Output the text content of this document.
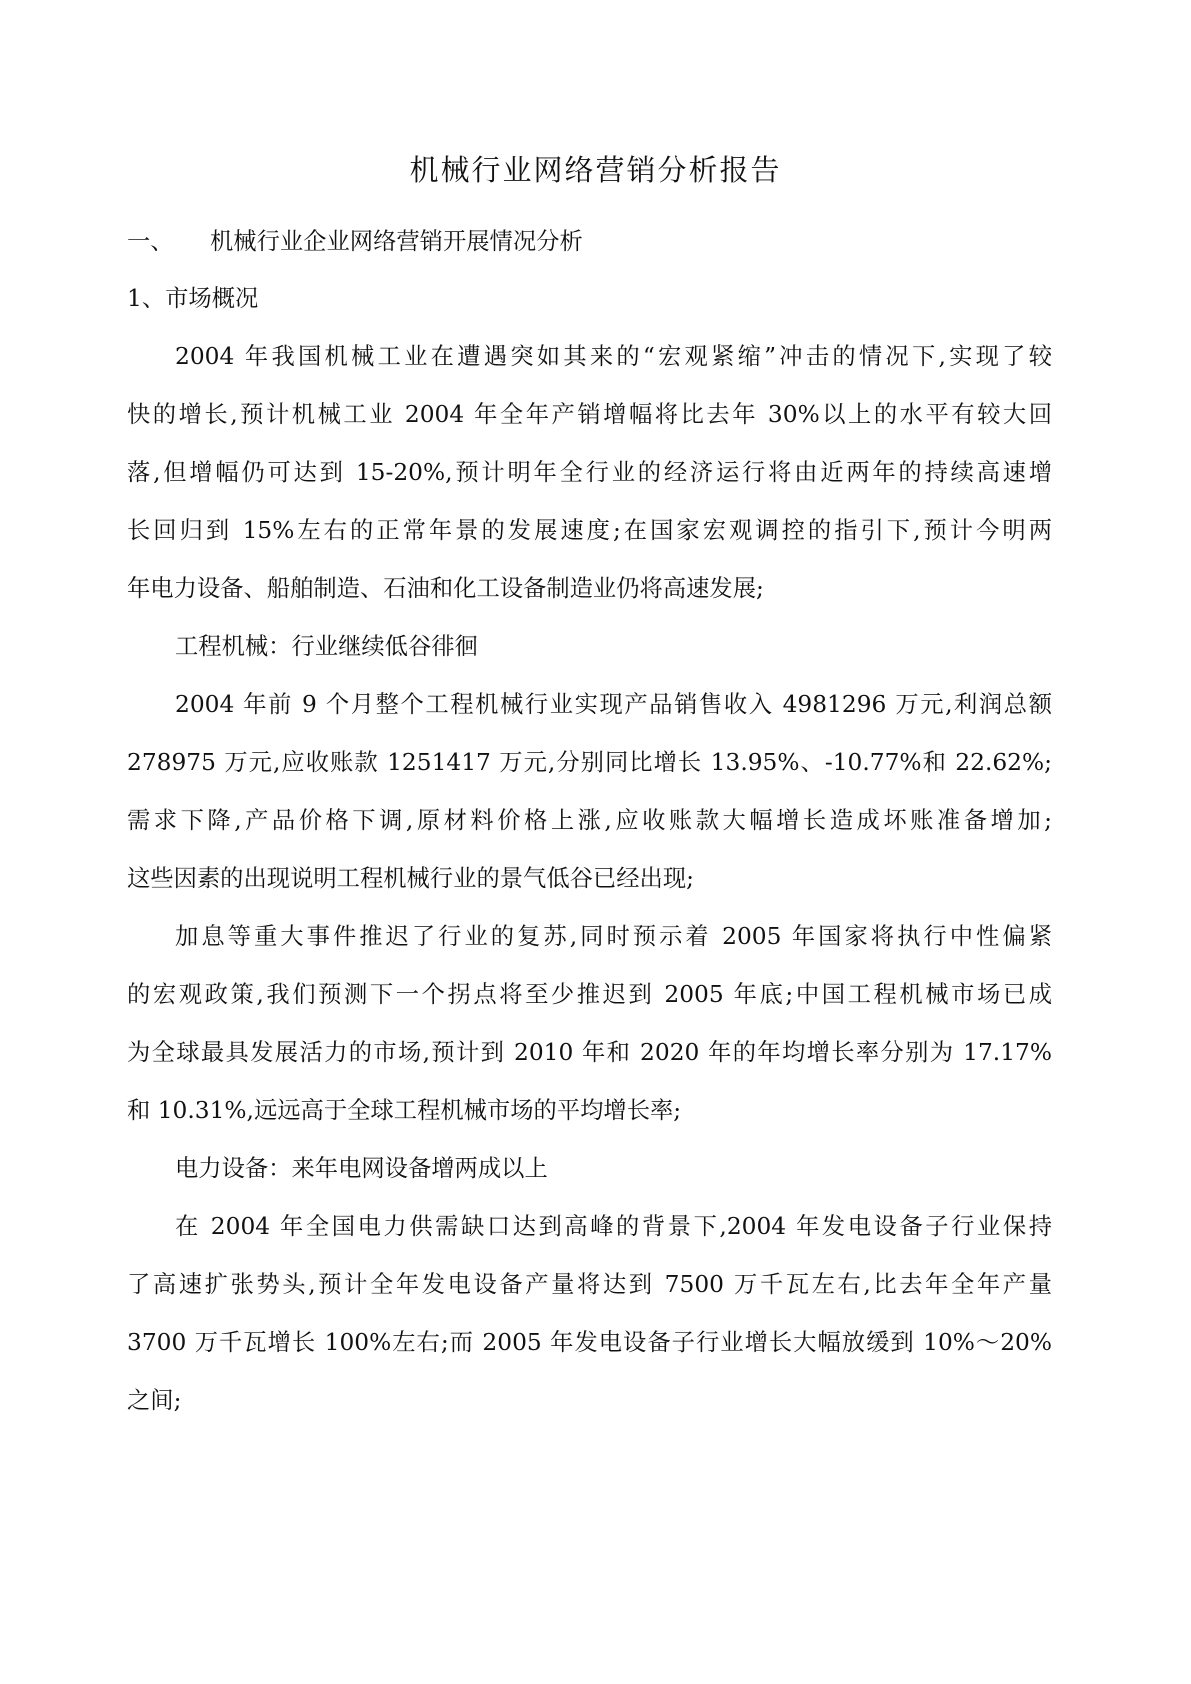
机械行业网络营销分析报告
一、 机械行业企业网络营销开展情况分析
1、市场概况
2004 年我国机械工业在遭遇突如其来的“宏观紧缩”冲击的情况下,实现了较
快的增长,预计机械工业 2004 年全年产销增幅将比去年 30%以上的水平有较大回
落,但增幅仍可达到 15-20%,预计明年全行业的经济运行将由近两年的持续高速增
长回归到 15%左右的正常年景的发展速度;在国家宏观调控的指引下,预计今明两
年电力设备、船舶制造、石油和化工设备制造业仍将高速发展;
工程机械：行业继续低谷徘徊
2004 年前 9 个月整个工程机械行业实现产品销售收入 4981296 万元,利润总额
278975 万元,应收账款 1251417 万元,分别同比增长 13.95%、-10.77%和 22.62%;
需求下降,产品价格下调,原材料价格上涨,应收账款大幅增长造成坏账准备增加;
这些因素的出现说明工程机械行业的景气低谷已经出现;
加息等重大事件推迟了行业的复苏,同时预示着 2005 年国家将执行中性偏紧
的宏观政策,我们预测下一个拐点将至少推迟到 2005 年底;中国工程机械市场已成
为全球最具发展活力的市场,预计到 2010 年和 2020 年的年均增长率分别为 17.17%
和 10.31%,远远高于全球工程机械市场的平均增长率;
电力设备：来年电网设备增两成以上
在 2004 年全国电力供需缺口达到高峰的背景下,2004 年发电设备子行业保持
了高速扩张势头,预计全年发电设备产量将达到 7500 万千瓦左右,比去年全年产量
3700 万千瓦增长 100%左右;而 2005 年发电设备子行业增长大幅放缓到 10%～20%
之间;
